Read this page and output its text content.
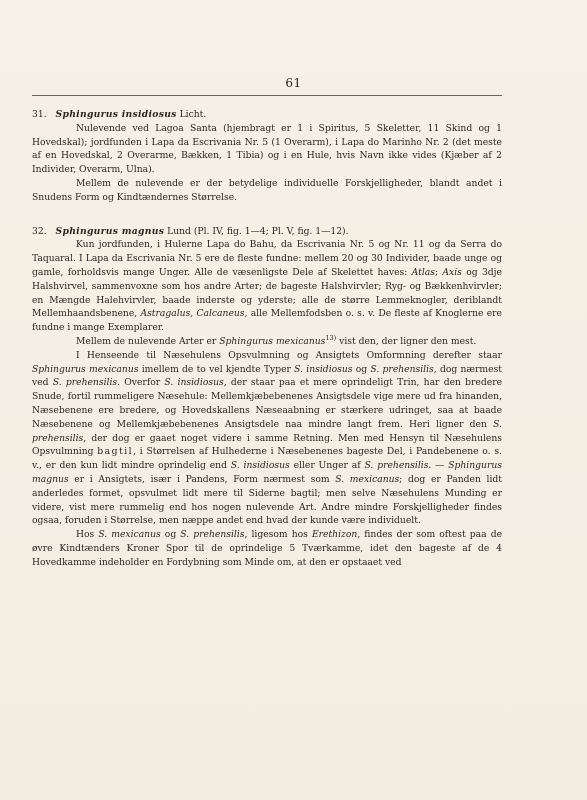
61
31. Sphingurus insidiosus Licht.

Nulevende ved Lagoa Santa (hjembragt er 1 i Spiritus, 5 Skeletter, 11 Skind og 1 Hovedskal); jordfunden i Lapa da Escrivania Nr. 5 (1 Overarm), i Lapa do Marinho Nr. 2 (det meste af en Hovedskal, 2 Overarme, Bækken, 1 Tibia) og i en Hule, hvis Navn ikke vides (Kjæber af 2 Individer, Overarm, Ulna).

Mellem de nulevende er der betydelige individuelle Forskjelligheder, blandt andet i Snudens Form og Kindtændernes Størrelse.

32. Sphingurus magnus Lund (Pl. IV, fig. 1—4; Pl. V, fig. 1—12).

Kun jordfunden, i Hulerne Lapa do Bahu, da Escrivania Nr. 5 og Nr. 11 og da Serra do Taquaral. I Lapa da Escrivania Nr. 5 ere de fleste fundne: mellem 20 og 30 Individer, baade unge og gamle, forholdsvis mange Unger. Alle de væsenligste Dele af Skelettet haves: Atlas; Axis og 3dje Halshvirvel, sammenvoxne som hos andre Arter; de bageste Halshvirvler; Ryg- og Bækkenhvirvler; en Mængde Halehvirvler, baade inderste og yderste; alle de større Lemmeknogler, deriblandt Mellemhaandsbenene, Astragalus, Calcaneus, alle Mellemfodsben o. s. v. De fleste af Knoglerne ere fundne i mange Exemplarer.

Mellem de nulevende Arter er Sphingurus mexicanus$^{13)}$ vist den, der ligner den mest.

I Henseende til Næsehulens Opsvulmning og Ansigtets Omformning derefter staar Sphingurus mexicanus imellem de to vel kjendte Typer S. insidiosus og S. prehensilis, dog nærmest ved S. prehensilis. Overfor S. insidiosus, der staar paa et mere oprindeligt Trin, har den bredere Snude, fortil rummeligere Næsehule: Mellemkjæbebenenes Ansigtsdele vige mere ud fra hinanden, Næsebenene ere bredere, og Hovedskallens Næseaabning er stærkere udringet, saa at baade Næsebenene og Mellemkjæbebenenes Ansigtsdele naa mindre langt frem. Heri ligner den S. prehensilis, der dog er gaaet noget videre i samme Retning. Men med Hensyn til Næsehulens Opsvulmning bagtil, i Størrelsen af Hulhederne i Næsebenenes bageste Del, i Pandebenene o. s. v., er den kun lidt mindre oprindelig end S. insidiosus eller Unger af S. prehensilis. — Sphingurus magnus er i Ansigtets, især i Pandens, Form nærmest som S. mexicanus; dog er Panden lidt anderledes formet, opsvulmet lidt mere til Siderne bagtil; men selve Næsehulens Munding er videre, vist mere rummelig end hos nogen nulevende Art. Andre mindre Forskjelligheder findes ogsaa, foruden i Størrelse, men næppe andet end hvad der kunde være individuelt.

Hos S. mexicanus og S. prehensilis, ligesom hos Erethizon, findes der som oftest paa de øvre Kindtænders Kroner Spor til de oprindelige 5 Tværkamme, idet den bageste af de 4 Hovedkamme indeholder en Fordybning som Minde om, at den er opstaaet ved
